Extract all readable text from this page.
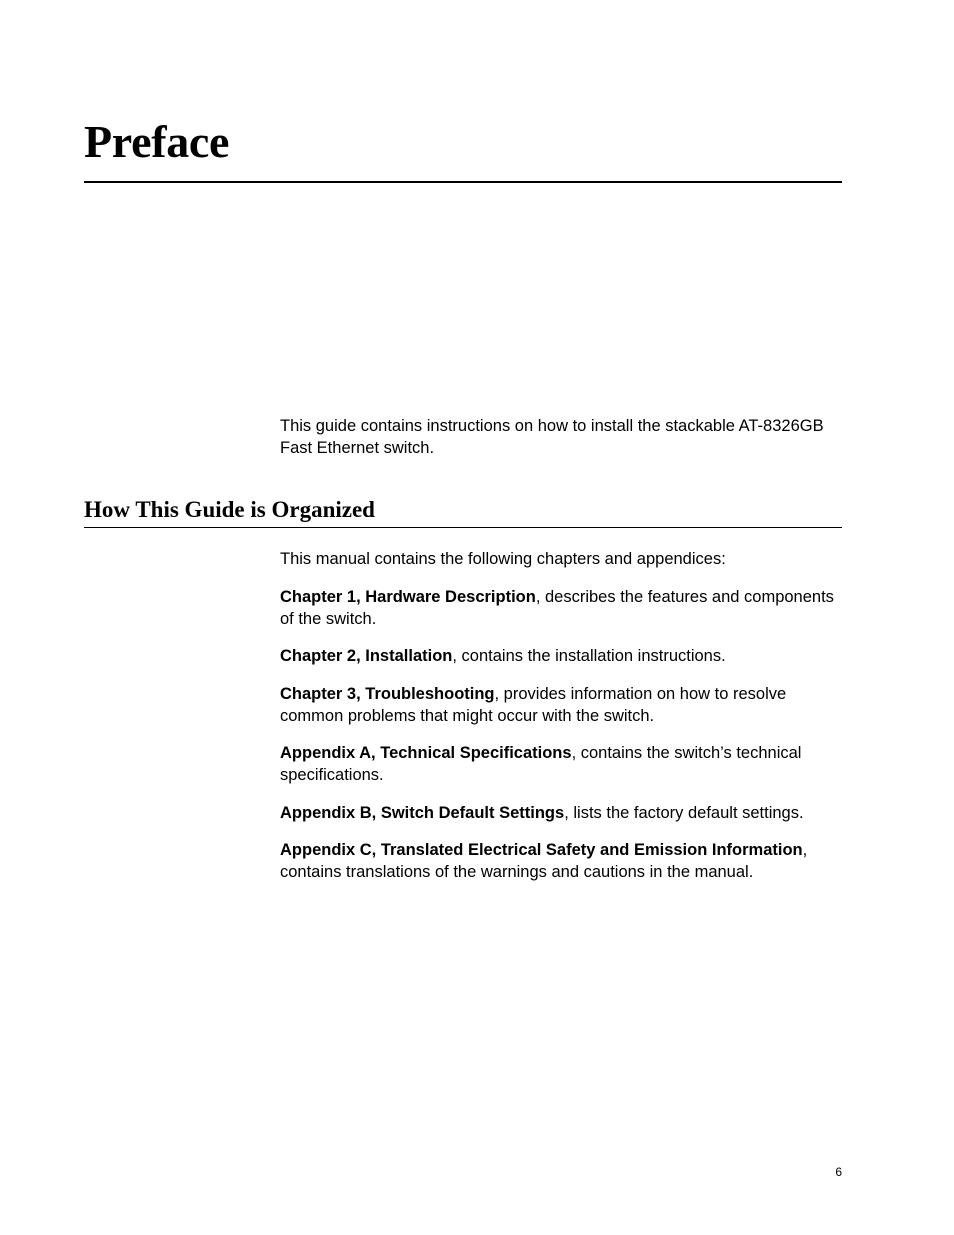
Preface

This guide contains instructions on how to install the stackable AT-8326GB Fast Ethernet switch.

How This Guide is Organized

This manual contains the following chapters and appendices:

Chapter 1, Hardware Description, describes the features and components of the switch.

Chapter 2, Installation, contains the installation instructions.

Chapter 3, Troubleshooting, provides information on how to resolve common problems that might occur with the switch.

Appendix A, Technical Specifications, contains the switch’s technical specifications.

Appendix B, Switch Default Settings, lists the factory default settings.

Appendix C, Translated Electrical Safety and Emission Information, contains translations of the warnings and cautions in the manual.

6
